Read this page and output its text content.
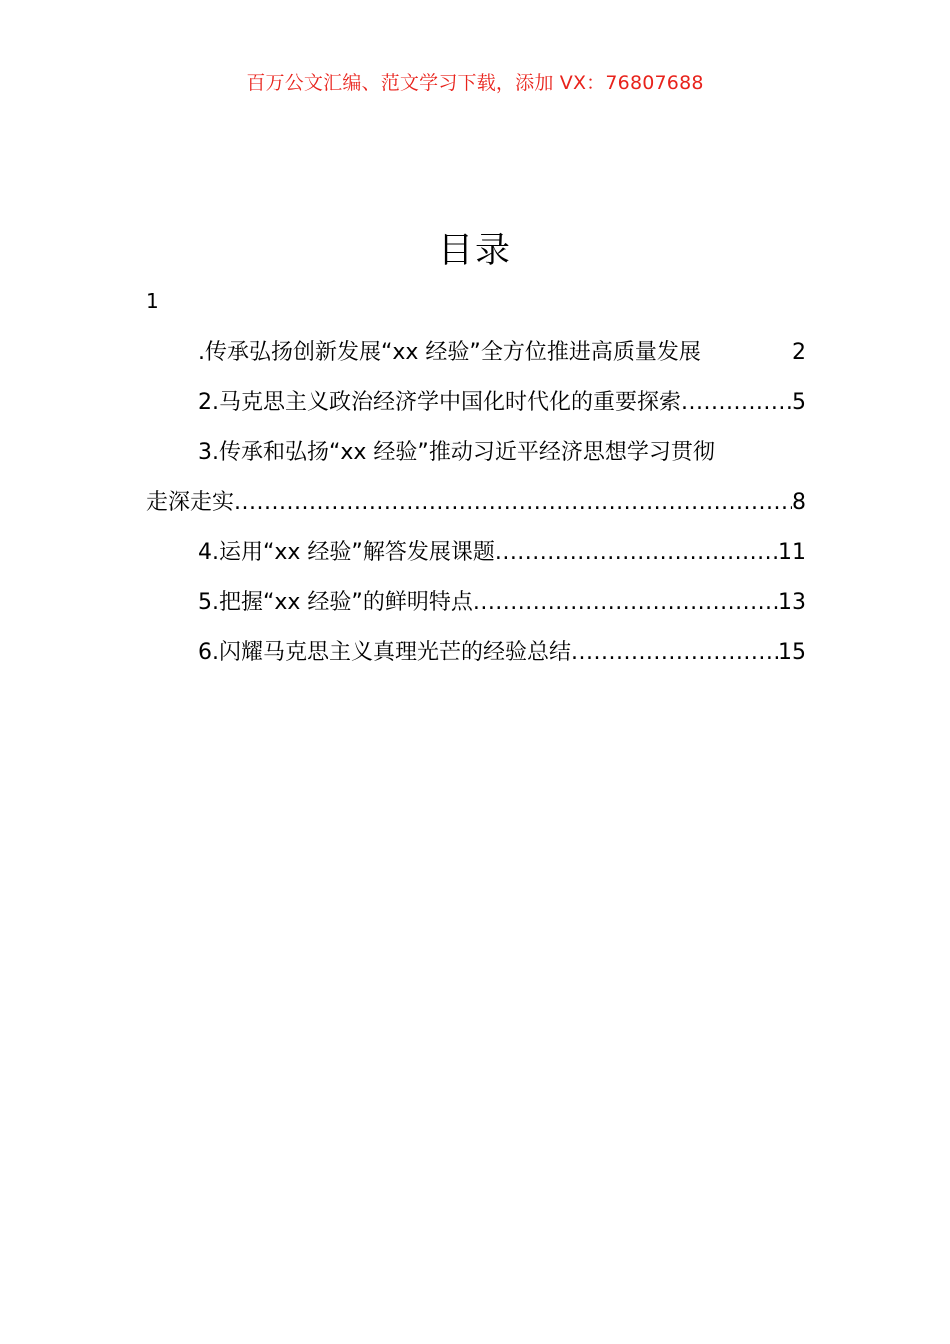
百万公文汇编、范文学习下载，添加 VX：76807688
目录
1
.传承弘扬创新发展“xx 经验”全方位推进高质量发展	2
2.马克思主义政治经济学中国化时代化的重要探索 .....	5
3.传承和弘扬“xx 经验”推动习近平经济思想学习贯彻
走深走实 .....	8
4.运用“xx 经验”解答发展课题 .....	11
5.把握“xx 经验”的鲜明特点 .....	13
6.闪耀马克思主义真理光芒的经验总结 .....	15
